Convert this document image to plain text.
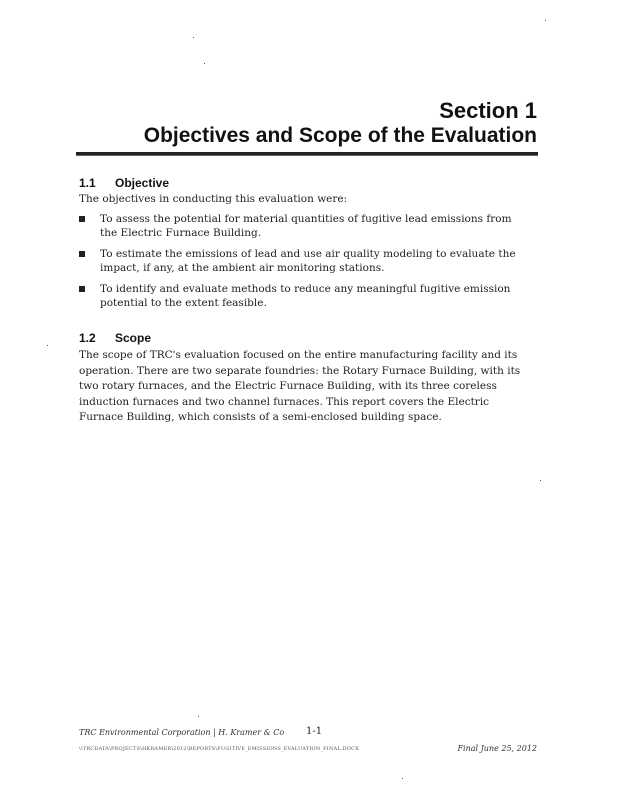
Section 1
Objectives and Scope of the Evaluation
1.1 Objective
The objectives in conducting this evaluation were:
To assess the potential for material quantities of fugitive lead emissions from the Electric Furnace Building.
To estimate the emissions of lead and use air quality modeling to evaluate the impact, if any, at the ambient air monitoring stations.
To identify and evaluate methods to reduce any meaningful fugitive emission potential to the extent feasible.
1.2 Scope
The scope of TRC's evaluation focused on the entire manufacturing facility and its operation. There are two separate foundries: the Rotary Furnace Building, with its two rotary furnaces, and the Electric Furnace Building, with its three coreless induction furnaces and two channel furnaces. This report covers the Electric Furnace Building, which consists of a semi-enclosed building space.
TRC Environmental Corporation | H. Kramer & Co 1-1
\\TRCDATA\PROJECTS\HKRAMER\2012\REPORTS\FUGITIVE_EMISSIONS_EVALUATION_FINAL.DOCX	Final June 25, 2012
